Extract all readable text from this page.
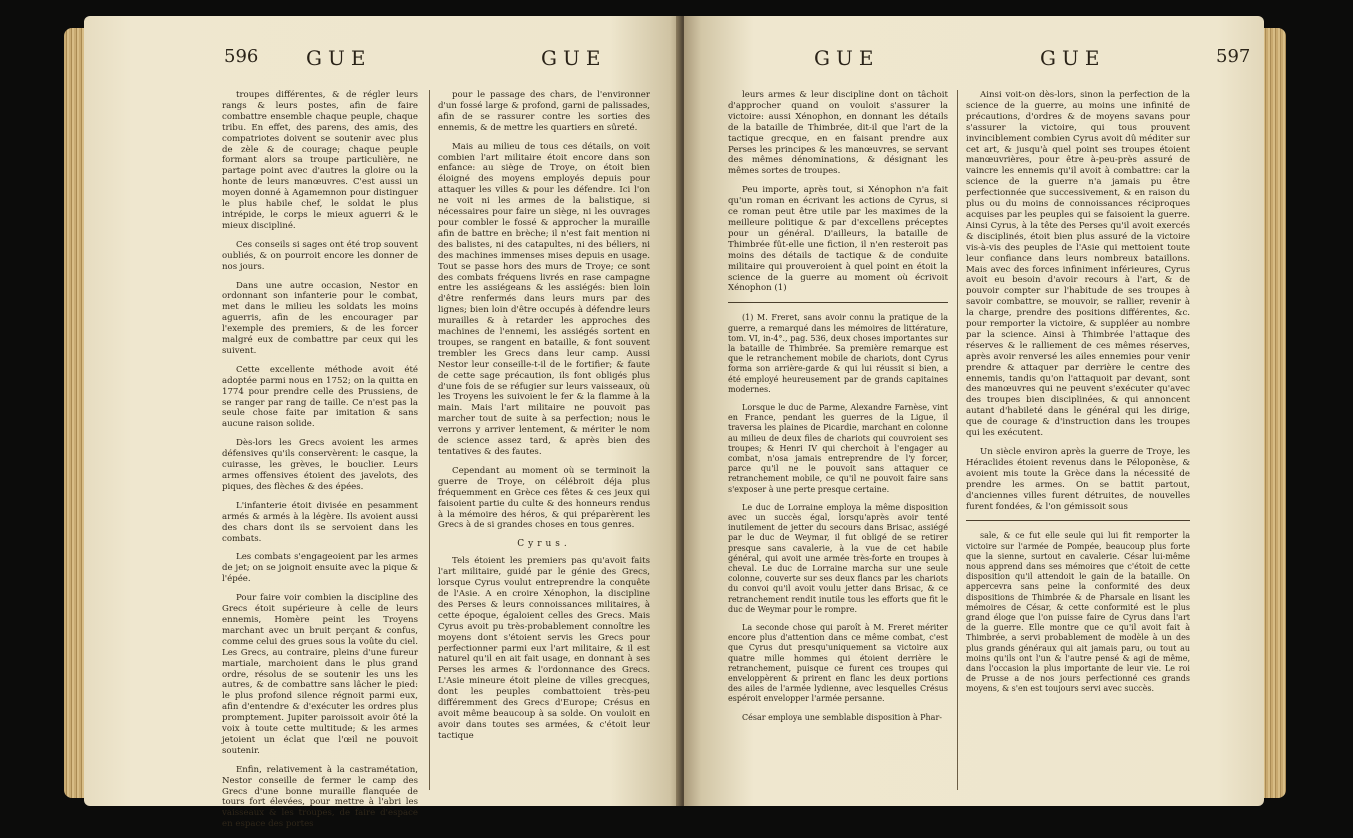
596 GUE	GUE

troupes différentes, & de régler leurs rangs & leurs postes, afin de faire combattre ensemble chaque peuple, chaque tribu. En effet, des parens, des amis, des compatriotes doivent se soutenir avec plus de zèle & de courage; chaque peuple formant alors sa troupe particulière, ne partage point avec d'autres la gloire ou la honte de leurs manœuvres. C'est aussi un moyen donné à Agamemnon pour distinguer le plus habile chef, le soldat le plus intrépide, le corps le mieux aguerri & le mieux discipliné.

Ces conseils si sages ont été trop souvent oubliés, & on pourroit encore les donner de nos jours.

Dans une autre occasion, Nestor en ordonnant son infanterie pour le combat, met dans le milieu les soldats les moins aguerris, afin de les encourager par l'exemple des premiers, & de les forcer malgré eux de combattre par ceux qui les suivent.

Cette excellente méthode avoit été adoptée parmi nous en 1752; on la quitta en 1774 pour prendre celle des Prussiens, de se ranger par rang de taille. Ce n'est pas la seule chose faite par imitation & sans aucune raison solide.

Dès-lors les Grecs avoient les armes défensives qu'ils conservèrent: le casque, la cuirasse, les grèves, le bouclier. Leurs armes offensives étoient des javelots, des piques, des flèches & des épées.

L'infanterie étoit divisée en pesamment armés & armés à la légère. Ils avoient aussi des chars dont ils se servoient dans les combats.

Les combats s'engageoient par les armes de jet; on se joignoit ensuite avec la pique & l'épée.

Pour faire voir combien la discipline des Grecs étoit supérieure à celle de leurs ennemis, Homère peint les Troyens marchant avec un bruit perçant & confus, comme celui des grues sous la voûte du ciel. Les Grecs, au contraire, pleins d'une fureur martiale, marchoient dans le plus grand ordre, résolus de se soutenir les uns les autres, & de combattre sans lâcher le pied: le plus profond silence régnoit parmi eux, afin d'entendre & d'exécuter les ordres plus promptement. Jupiter paroissoit avoir ôté la voix à toute cette multitude; & les armes jetoient un éclat que l'œil ne pouvoit soutenir.

Enfin, relativement à la castramétation, Nestor conseille de fermer le camp des Grecs d'une bonne muraille flanquée de tours fort élevées, pour mettre à l'abri les vaisseaux & les troupes, de faire d'espace en espace des portes

pour le passage des chars, de l'environner d'un fossé large & profond, garni de palissades, afin de se rassurer contre les sorties des ennemis, & de mettre les quartiers en sûreté.

Mais au milieu de tous ces détails, on voit combien l'art militaire étoit encore dans son enfance: au siège de Troye, on étoit bien éloigné des moyens employés depuis pour attaquer les villes & pour les défendre. Ici l'on ne voit ni les armes de la balistique, si nécessaires pour faire un siège, ni les ouvrages pour combler le fossé & approcher la muraille afin de battre en brèche; il n'est fait mention ni des balistes, ni des catapultes, ni des béliers, ni des machines immenses mises depuis en usage. Tout se passe hors des murs de Troye; ce sont des combats fréquens livrés en rase campagne entre les assiégeans & les assiégés: bien loin d'être renfermés dans leurs murs par des lignes; bien loin d'être occupés à défendre leurs murailles & à retarder les approches des machines de l'ennemi, les assiégés sortent en troupes, se rangent en bataille, & font souvent trembler les Grecs dans leur camp. Aussi Nestor leur conseille-t-il de le fortifier; & faute de cette sage précaution, ils font obligés plus d'une fois de se réfugier sur leurs vaisseaux, où les Troyens les suivoient le fer & la flamme à la main. Mais l'art militaire ne pouvoit pas marcher tout de suite à sa perfection; nous le verrons y arriver lentement, & mériter le nom de science assez tard, & après bien des tentatives & des fautes.

Cependant au moment où se terminoit la guerre de Troye, on célébroit déja plus fréquemment en Grèce ces fêtes & ces jeux qui faisoient partie du culte & des honneurs rendus à la mémoire des héros, & qui préparèrent les Grecs à de si grandes choses en tous genres.

Cyrus.

Tels étoient les premiers pas qu'avoit faits l'art militaire, guidé par le génie des Grecs, lorsque Cyrus voulut entreprendre la conquête de l'Asie. A en croire Xénophon, la discipline des Perses & leurs connoissances militaires, à cette époque, égaloient celles des Grecs. Mais Cyrus avoit pu très-probablement connoître les moyens dont s'étoient servis les Grecs pour perfectionner parmi eux l'art militaire, & il est naturel qu'il en ait fait usage, en donnant à ses Perses les armes & l'ordonnance des Grecs. L'Asie mineure étoit pleine de villes grecques, dont les peuples combattoient très-peu différemment des Grecs d'Europe; Crésus en avoit même beaucoup à sa solde. On vouloit en avoir dans toutes ses armées, & c'étoit leur tactique

GUE	GUE	597

leurs armes & leur discipline dont on tâchoit d'approcher quand on vouloit s'assurer la victoire: aussi Xénophon, en donnant les détails de la bataille de Thimbrée, dit-il que l'art de la tactique grecque, en en faisant prendre aux Perses les principes & les manœuvres, se servant des mêmes dénominations, & désignant les mêmes sortes de troupes.

Peu importe, après tout, si Xénophon n'a fait qu'un roman en écrivant les actions de Cyrus, si ce roman peut être utile par les maximes de la meilleure politique & par d'excellens préceptes pour un général. D'ailleurs, la bataille de Thimbrée fût-elle une fiction, il n'en resteroit pas moins des détails de tactique & de conduite militaire qui prouveroient à quel point en étoit la science de la guerre au moment où écrivoit Xénophon (1)

(1) M. Freret, sans avoir connu la pratique de la guerre, a remarqué dans les mémoires de littérature, tom. VI, in-4°., pag. 536, deux choses importantes sur la bataille de Thimbrée. Sa première remarque est que le retranchement mobile de chariots, dont Cyrus forma son arrière-garde & qui lui réussit si bien, a été employé heureusement par de grands capitaines modernes.

Lorsque le duc de Parme, Alexandre Farnèse, vint en France, pendant les guerres de la Ligue, il traversa les plaines de Picardie, marchant en colonne au milieu de deux files de chariots qui couvroient ses troupes; & Henri IV qui cherchoit à l'engager au combat, n'osa jamais entreprendre de l'y forcer, parce qu'il ne le pouvoit sans attaquer ce retranchement mobile, ce qu'il ne pouvoit faire sans s'exposer à une perte presque certaine.

Le duc de Lorraine employa la même disposition avec un succès égal, lorsqu'après avoir tenté inutilement de jetter du secours dans Brisac, assiégé par le duc de Weymar, il fut obligé de se retirer presque sans cavalerie, à la vue de cet habile général, qui avoit une armée très-forte en troupes à cheval. Le duc de Lorraine marcha sur une seule colonne, couverte sur ses deux flancs par les chariots du convoi qu'il avoit voulu jetter dans Brisac, & ce retranchement rendit inutile tous les efforts que fit le duc de Weymar pour le rompre.

La seconde chose qui paroît à M. Freret mériter encore plus d'attention dans ce même combat, c'est que Cyrus dut presqu'uniquement sa victoire aux quatre mille hommes qui étoient derrière le retranchement, puisque ce furent ces troupes qui enveloppèrent & prirent en flanc les deux portions des ailes de l'armée lydienne, avec lesquelles Crésus espéroit envelopper l'armée persanne.

César employa une semblable disposition à Phar-

Ainsi voit-on dès-lors, sinon la perfection de la science de la guerre, au moins une infinité de précautions, d'ordres & de moyens savans pour s'assurer la victoire, qui tous prouvent invinciblement combien Cyrus avoit dû méditer sur cet art, & jusqu'à quel point ses troupes étoient manœuvrières, pour être à-peu-près assuré de vaincre les ennemis qu'il avoit à combattre: car la science de la guerre n'a jamais pu être perfectionnée que successivement, & en raison du plus ou du moins de connoissances réciproques acquises par les peuples qui se faisoient la guerre. Ainsi Cyrus, à la tête des Perses qu'il avoit exercés & disciplinés, étoit bien plus assuré de la victoire vis-à-vis des peuples de l'Asie qui mettoient toute leur confiance dans leurs nombreux bataillons. Mais avec des forces infiniment inférieures, Cyrus avoit eu besoin d'avoir recours à l'art, & de pouvoir compter sur l'habitude de ses troupes à savoir combattre, se mouvoir, se rallier, revenir à la charge, prendre des positions différentes, &c. pour remporter la victoire, & suppléer au nombre par la science. Ainsi à Thimbrée l'attaque des réserves & le ralliement de ces mêmes réserves, après avoir renversé les ailes ennemies pour venir prendre & attaquer par derrière le centre des ennemis, tandis qu'on l'attaquoit par devant, sont des manœuvres qui ne peuvent s'exécuter qu'avec des troupes bien disciplinées, & qui annoncent autant d'habileté dans le général qui les dirige, que de courage & d'instruction dans les troupes qui les exécutent.

Un siècle environ après la guerre de Troye, les Héraclides étoient revenus dans le Péloponèse, & avoient mis toute la Grèce dans la nécessité de prendre les armes. On se battit partout, d'anciennes villes furent détruites, de nouvelles furent fondées, & l'on gémissoit sous

sale, & ce fut elle seule qui lui fit remporter la victoire sur l'armée de Pompée, beaucoup plus forte que la sienne, surtout en cavalerie. César lui-même nous apprend dans ses mémoires que c'étoit de cette disposition qu'il attendoit le gain de la bataille. On appercevra sans peine la conformité des deux dispositions de Thimbrée & de Pharsale en lisant les mémoires de César, & cette conformité est le plus grand éloge que l'on puisse faire de Cyrus dans l'art de la guerre. Elle montre que ce qu'il avoit fait à Thimbrée, a servi probablement de modèle à un des plus grands généraux qui ait jamais paru, ou tout au moins qu'ils ont l'un & l'autre pensé & agi de même, dans l'occasion la plus importante de leur vie. Le roi de Prusse a de nos jours perfectionné ces grands moyens, & s'en est toujours servi avec succès.
